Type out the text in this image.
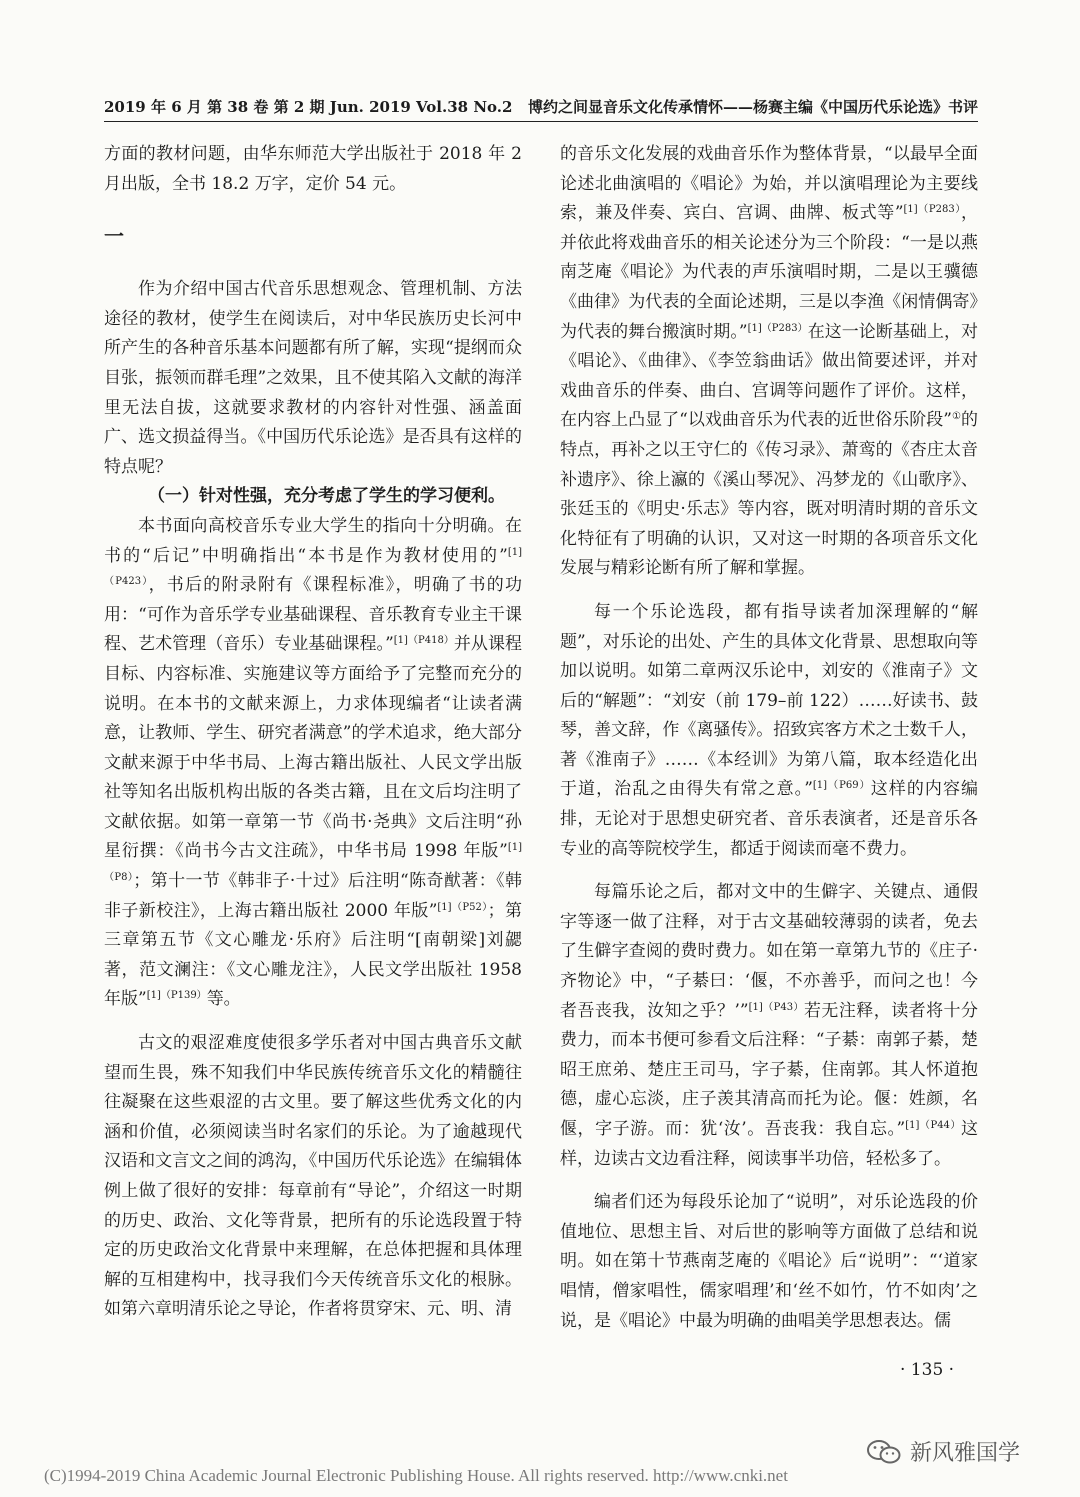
2019 年 6 月 第 38 卷 第 2 期 Jun. 2019 Vol.38 No.2 博约之间显音乐文化传承情怀——杨赛主编《中国历代乐论选》书评

方面的教材问题，由华东师范大学出版社于 2018 年 2 月出版，全书 18.2 万字，定价 54 元。

一

作为介绍中国古代音乐思想观念、管理机制、方法途径的教材，使学生在阅读后，对中华民族历史长河中所产生的各种音乐基本问题都有所了解，实现“提纲而众目张，振领而群毛理”之效果，且不使其陷入文献的海洋里无法自拔，这就要求教材的内容针对性强、涵盖面广、选文损益得当。《中国历代乐论选》是否具有这样的特点呢？

（一）针对性强，充分考虑了学生的学习便利。

本书面向高校音乐专业大学生的指向十分明确。在书的“后记”中明确指出“本书是作为教材使用的”$^{[1](P423)}$，书后的附录附有《课程标准》，明确了书的功用：“可作为音乐学专业基础课程、音乐教育专业主干课程、艺术管理（音乐）专业基础课程。”$^{[1](P418)}$并从课程目标、内容标准、实施建议等方面给予了完整而充分的说明。在本书的文献来源上，力求体现编者“让读者满意，让教师、学生、研究者满意”的学术追求，绝大部分文献来源于中华书局、上海古籍出版社、人民文学出版社等知名出版机构出版的各类古籍，且在文后均注明了文献依据。如第一章第一节《尚书·尧典》文后注明“孙星衍撰：《尚书今古文注疏》，中华书局 1998 年版”$^{[1](P8)}$；第十一节《韩非子·十过》后注明“陈奇猷著：《韩非子新校注》，上海古籍出版社 2000 年版”$^{[1](P52)}$；第三章第五节《文心雕龙·乐府》后注明“[南朝梁]刘勰著，范文澜注：《文心雕龙注》，人民文学出版社 1958 年版”$^{[1](P139)}$等。

古文的艰涩难度使很多学乐者对中国古典音乐文献望而生畏，殊不知我们中华民族传统音乐文化的精髓往往凝聚在这些艰涩的古文里。要了解这些优秀文化的内涵和价值，必须阅读当时名家们的乐论。为了逾越现代汉语和文言文之间的鸿沟，《中国历代乐论选》在编辑体例上做了很好的安排：每章前有“导论”，介绍这一时期的历史、政治、文化等背景，把所有的乐论选段置于特定的历史政治文化背景中来理解，在总体把握和具体理解的互相建构中，找寻我们今天传统音乐文化的根脉。如第六章明清乐论之导论，作者将贯穿宋、元、明、清

的音乐文化发展的戏曲音乐作为整体背景，“以最早全面论述北曲演唱的《唱论》为始，并以演唱理论为主要线索，兼及伴奏、宾白、宫调、曲牌、板式等”$^{[1](P283)}$，并依此将戏曲音乐的相关论述分为三个阶段：“一是以燕南芝庵《唱论》为代表的声乐演唱时期，二是以王骥德《曲律》为代表的全面论述期，三是以李渔《闲情偶寄》为代表的舞台搬演时期。”$^{[1](P283)}$在这一论断基础上，对《唱论》、《曲律》、《李笠翁曲话》做出简要述评，并对戏曲音乐的伴奏、曲白、宫调等问题作了评价。这样，在内容上凸显了“以戏曲音乐为代表的近世俗乐阶段”①的特点，再补之以王守仁的《传习录》、萧鸾的《杏庄太音补遗序》、徐上瀛的《溪山琴况》、冯梦龙的《山歌序》、张廷玉的《明史·乐志》等内容，既对明清时期的音乐文化特征有了明确的认识，又对这一时期的各项音乐文化发展与精彩论断有所了解和掌握。

每一个乐论选段，都有指导读者加深理解的“解题”，对乐论的出处、产生的具体文化背景、思想取向等加以说明。如第二章两汉乐论中，刘安的《淮南子》文后的“解题”：“刘安（前 179–前 122）……好读书、鼓琴，善文辞，作《离骚传》。招致宾客方术之士数千人，著《淮南子》……《本经训》为第八篇，取本经造化出于道，治乱之由得失有常之意。”$^{[1](P69)}$这样的内容编排，无论对于思想史研究者、音乐表演者，还是音乐各专业的高等院校学生，都适于阅读而毫不费力。

每篇乐论之后，都对文中的生僻字、关键点、通假字等逐一做了注释，对于古文基础较薄弱的读者，免去了生僻字查阅的费时费力。如在第一章第九节的《庄子·齐物论》中，“子綦曰：‘偃，不亦善乎，而问之也！今者吾丧我，汝知之乎？’”$^{[1](P43)}$若无注释，读者将十分费力，而本书便可参看文后注释：“子綦：南郭子綦，楚昭王庶弟、楚庄王司马，字子綦，住南郭。其人怀道抱德，虚心忘淡，庄子羡其清高而托为论。偃：姓颜，名偃，字子游。而：犹‘汝’。吾丧我：我自忘。”$^{[1](P44)}$这样，边读古文边看注释，阅读事半功倍，轻松多了。

编者们还为每段乐论加了“说明”，对乐论选段的价值地位、思想主旨、对后世的影响等方面做了总结和说明。如在第十节燕南芝庵的《唱论》后“说明”：“‘道家唱情，僧家唱性，儒家唱理’和‘丝不如竹，竹不如肉’之说，是《唱论》中最为明确的曲唱美学思想表达。儒

· 135 ·
新风雅国学
(C)1994-2019 China Academic Journal Electronic Publishing House. All rights reserved. http://www.cnki.net
